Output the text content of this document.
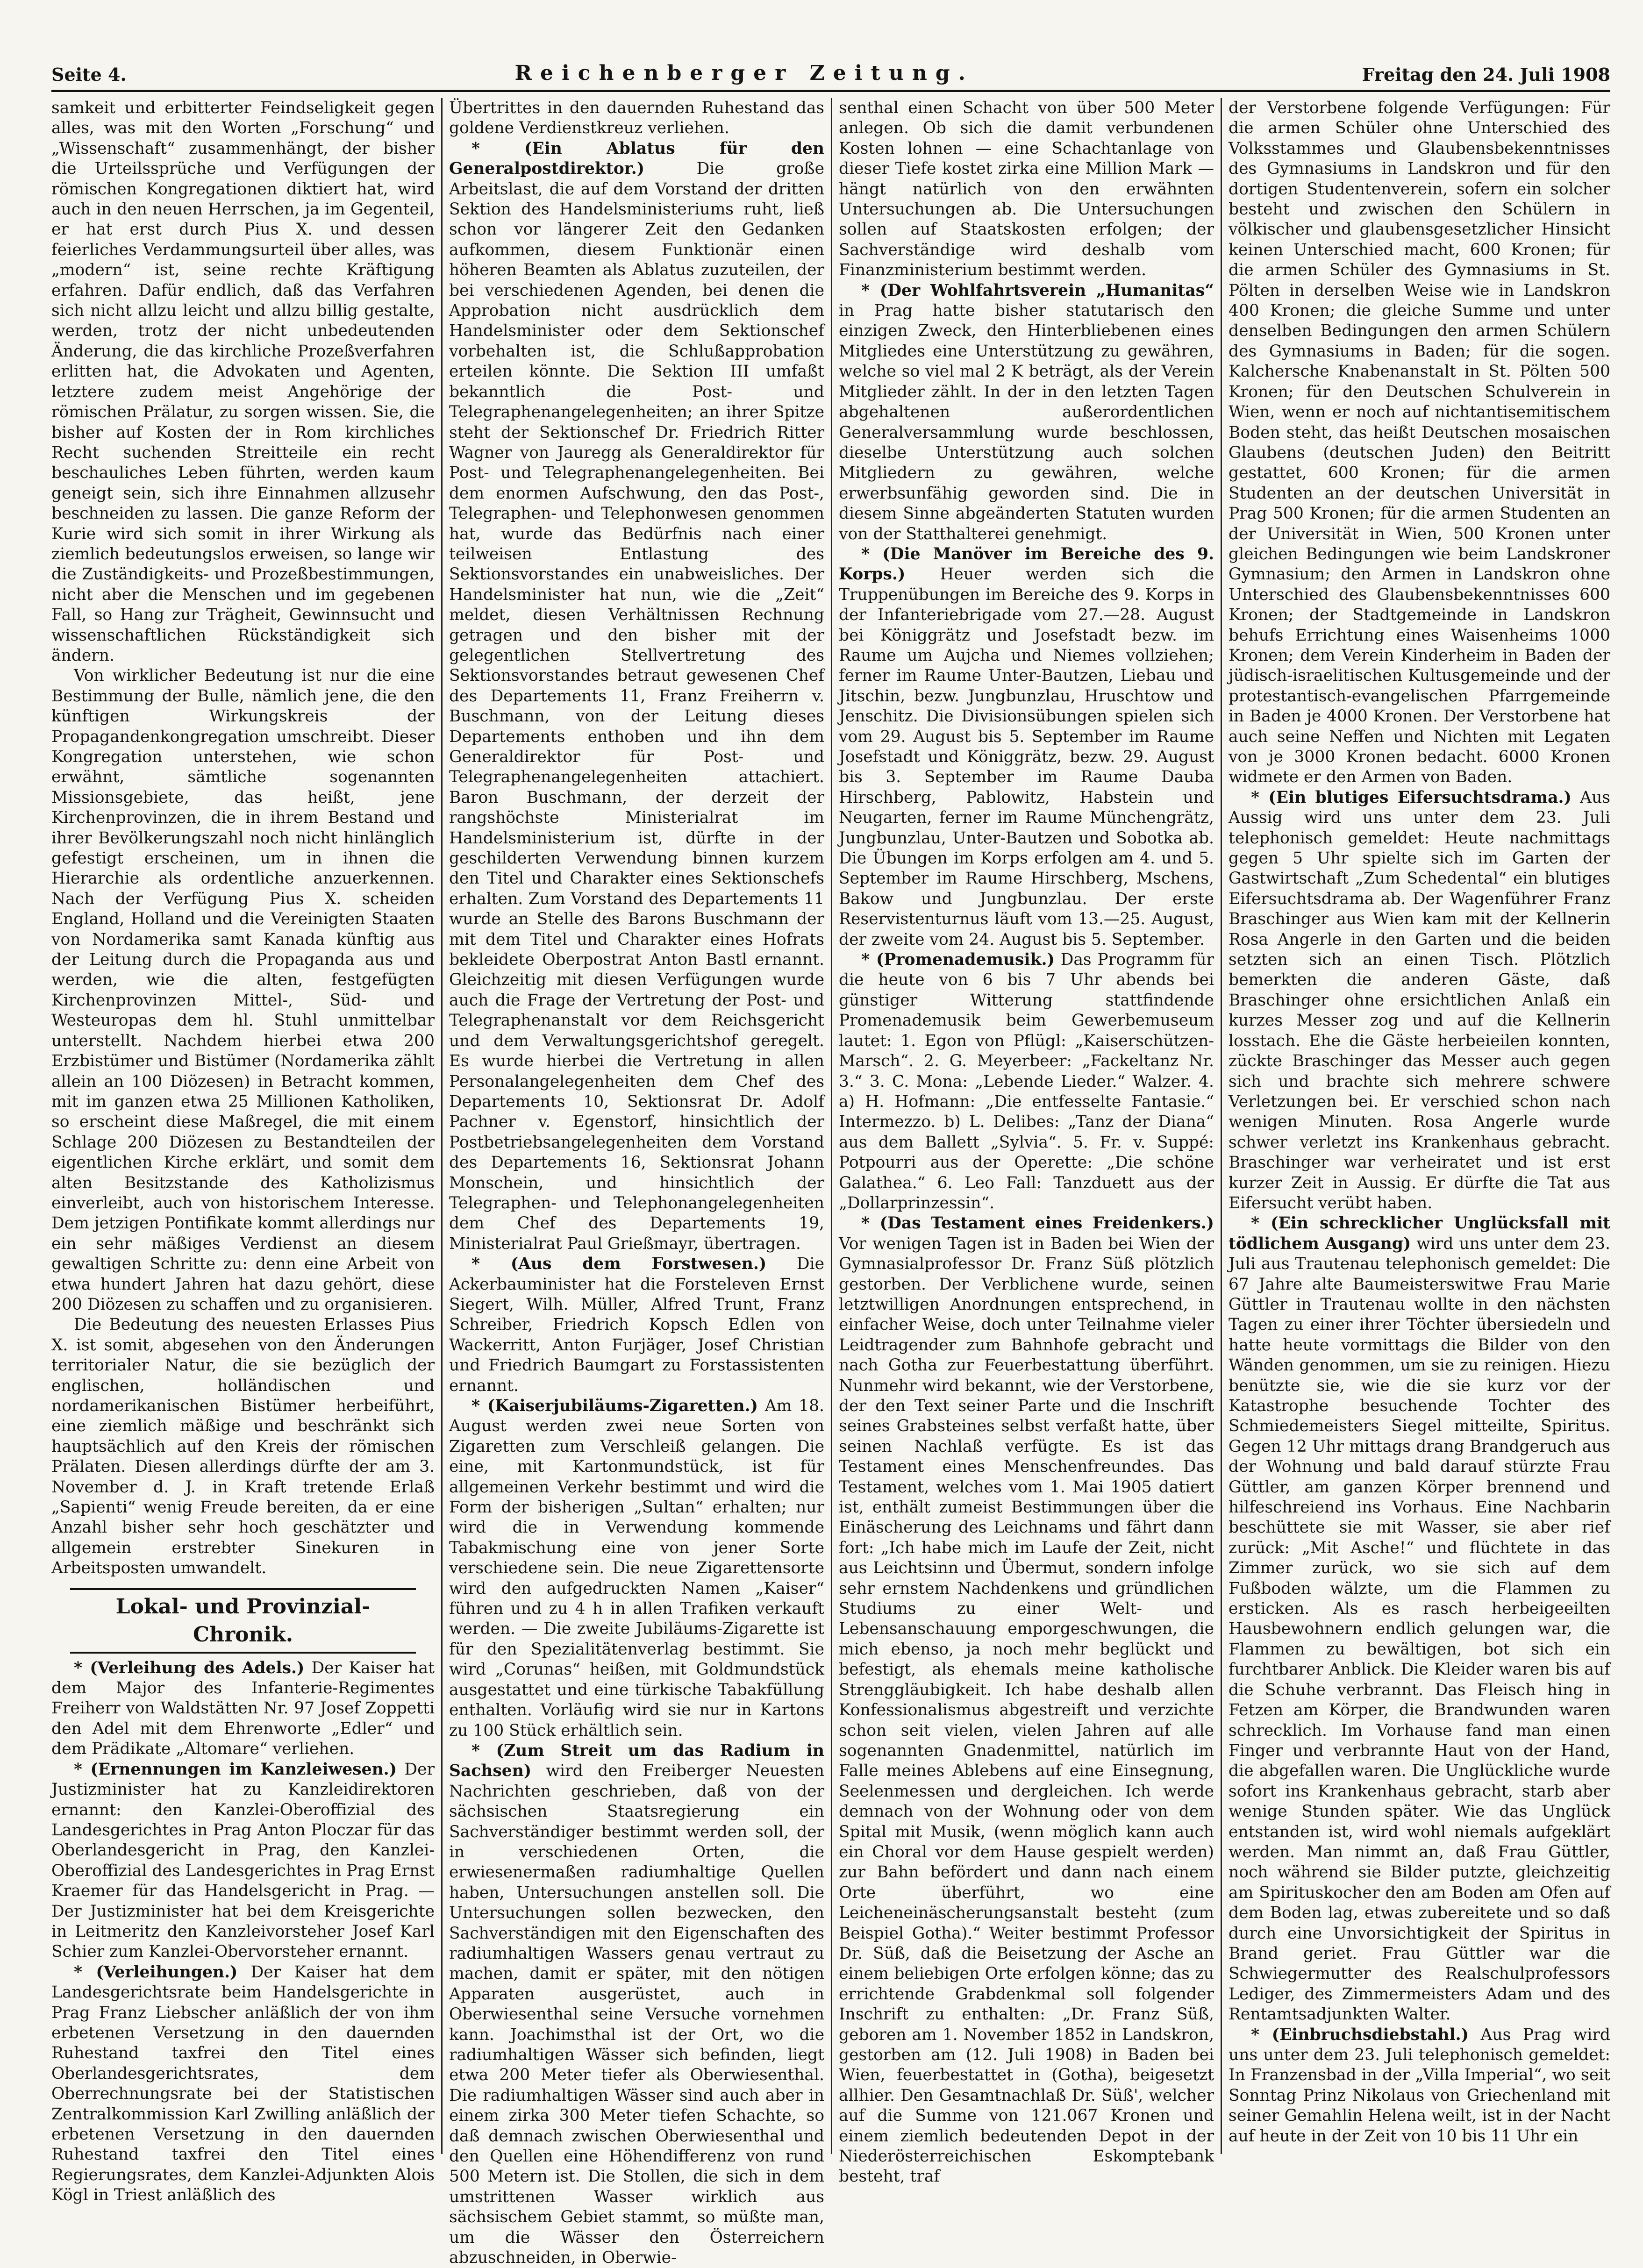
Seite 4.	Reichenberger Zeitung.	Freitag den 24. Juli 1908

samkeit und erbitterter Feindseligkeit gegen alles, was mit den Worten „Forschung“ und „Wissenschaft“ zusammenhängt, der bisher die Urteilssprüche und Verfügungen der römischen Kongregationen diktiert hat, wird auch in den neuen Herrschen, ja im Gegenteil, er hat erst durch Pius X. und dessen feierliches Verdammungsurteil über alles, was „modern“ ist, seine rechte Kräftigung erfahren. Dafür endlich, daß das Verfahren sich nicht allzu leicht und allzu billig gestalte, werden, trotz der nicht unbedeutenden Änderung, die das kirchliche Prozeßverfahren erlitten hat, die Advokaten und Agenten, letztere zudem meist Angehörige der römischen Prälatur, zu sorgen wissen. Sie, die bisher auf Kosten der in Rom kirchliches Recht suchenden Streitteile ein recht beschauliches Leben führten, werden kaum geneigt sein, sich ihre Einnahmen allzusehr beschneiden zu lassen. Die ganze Reform der Kurie wird sich somit in ihrer Wirkung als ziemlich bedeutungslos erweisen, so lange wir die Zuständigkeits- und Prozeßbestimmungen, nicht aber die Menschen und im gegebenen Fall, so Hang zur Trägheit, Gewinnsucht und wissenschaftlichen Rückständigkeit sich ändern.

Von wirklicher Bedeutung ist nur die eine Bestimmung der Bulle, nämlich jene, die den künftigen Wirkungskreis der Propagandenkongregation umschreibt. Dieser Kongregation unterstehen, wie schon erwähnt, sämtliche sogenannten Missionsgebiete, das heißt, jene Kirchenprovinzen, die in ihrem Bestand und ihrer Bevölkerungszahl noch nicht hinlänglich gefestigt erscheinen, um in ihnen die Hierarchie als ordentliche anzuerkennen. Nach der Verfügung Pius X. scheiden England, Holland und die Vereinigten Staaten von Nordamerika samt Kanada künftig aus der Leitung durch die Propaganda aus und werden, wie die alten, festgefügten Kirchenprovinzen Mittel-, Süd- und Westeuropas dem hl. Stuhl unmittelbar unterstellt. Nachdem hierbei etwa 200 Erzbistümer und Bistümer (Nordamerika zählt allein an 100 Diözesen) in Betracht kommen, mit im ganzen etwa 25 Millionen Katholiken, so erscheint diese Maßregel, die mit einem Schlage 200 Diözesen zu Bestandteilen der eigentlichen Kirche erklärt, und somit dem alten Besitzstande des Katholizismus einverleibt, auch von historischem Interesse. Dem jetzigen Pontifikate kommt allerdings nur ein sehr mäßiges Verdienst an diesem gewaltigen Schritte zu: denn eine Arbeit von etwa hundert Jahren hat dazu gehört, diese 200 Diözesen zu schaffen und zu organisieren.

Die Bedeutung des neuesten Erlasses Pius X. ist somit, abgesehen von den Änderungen territorialer Natur, die sie bezüglich der englischen, holländischen und nordamerikanischen Bistümer herbeiführt, eine ziemlich mäßige und beschränkt sich hauptsächlich auf den Kreis der römischen Prälaten. Diesen allerdings dürfte der am 3. November d. J. in Kraft tretende Erlaß „Sapienti“ wenig Freude bereiten, da er eine Anzahl bisher sehr hoch geschätzter und allgemein erstrebter Sinekuren in Arbeitsposten umwandelt.

Lokal- und Provinzial-Chronik.

* (Verleihung des Adels.) Der Kaiser hat dem Major des Infanterie-Regimentes Freiherr von Waldstätten Nr. 97 Josef Zoppetti den Adel mit dem Ehrenworte „Edler“ und dem Prädikate „Altomare“ verliehen.

* (Ernennungen im Kanzleiwesen.) Der Justizminister hat zu Kanzleidirektoren ernannt: den Kanzlei-Oberoffizial des Landesgerichtes in Prag Anton Ploczar für das Oberlandesgericht in Prag, den Kanzlei-Oberoffizial des Landesgerichtes in Prag Ernst Kraemer für das Handelsgericht in Prag. — Der Justizminister hat bei dem Kreisgerichte in Leitmeritz den Kanzleivorsteher Josef Karl Schier zum Kanzlei-Obervorsteher ernannt.

* (Verleihungen.) Der Kaiser hat dem Landesgerichtsrate beim Handelsgerichte in Prag Franz Liebscher anläßlich der von ihm erbetenen Versetzung in den dauernden Ruhestand taxfrei den Titel eines Oberlandesgerichtsrates, dem Oberrechnungsrate bei der Statistischen Zentralkommission Karl Zwilling anläßlich der erbetenen Versetzung in den dauernden Ruhestand taxfrei den Titel eines Regierungsrates, dem Kanzlei-Adjunkten Alois Kögl in Triest anläßlich des

Übertrittes in den dauernden Ruhestand das goldene Verdienstkreuz verliehen.

* (Ein Ablatus für den Generalpostdirektor.) Die große Arbeitslast, die auf dem Vorstand der dritten Sektion des Handelsministeriums ruht, ließ schon vor längerer Zeit den Gedanken aufkommen, diesem Funktionär einen höheren Beamten als Ablatus zuzuteilen, der bei verschiedenen Agenden, bei denen die Approbation nicht ausdrücklich dem Handelsminister oder dem Sektionschef vorbehalten ist, die Schlußapprobation erteilen könnte. Die Sektion III umfaßt bekanntlich die Post- und Telegraphenangelegenheiten; an ihrer Spitze steht der Sektionschef Dr. Friedrich Ritter Wagner von Jauregg als Generaldirektor für Post- und Telegraphenangelegenheiten. Bei dem enormen Aufschwung, den das Post-, Telegraphen- und Telephonwesen genommen hat, wurde das Bedürfnis nach einer teilweisen Entlastung des Sektionsvorstandes ein unabweisliches. Der Handelsminister hat nun, wie die „Zeit“ meldet, diesen Verhältnissen Rechnung getragen und den bisher mit der gelegentlichen Stellvertretung des Sektionsvorstandes betraut gewesenen Chef des Departements 11, Franz Freiherrn v. Buschmann, von der Leitung dieses Departements enthoben und ihn dem Generaldirektor für Post- und Telegraphenangelegenheiten attachiert. Baron Buschmann, der derzeit der rangshöchste Ministerialrat im Handelsministerium ist, dürfte in der geschilderten Verwendung binnen kurzem den Titel und Charakter eines Sektionschefs erhalten. Zum Vorstand des Departements 11 wurde an Stelle des Barons Buschmann der mit dem Titel und Charakter eines Hofrats bekleidete Oberpostrat Anton Bastl ernannt. Gleichzeitig mit diesen Verfügungen wurde auch die Frage der Vertretung der Post- und Telegraphenanstalt vor dem Reichsgericht und dem Verwaltungsgerichtshof geregelt. Es wurde hierbei die Vertretung in allen Personalangelegenheiten dem Chef des Departements 10, Sektionsrat Dr. Adolf Pachner v. Egenstorf, hinsichtlich der Postbetriebsangelegenheiten dem Vorstand des Departements 16, Sektionsrat Johann Monschein, und hinsichtlich der Telegraphen- und Telephonangelegenheiten dem Chef des Departements 19, Ministerialrat Paul Grießmayr, übertragen.

* (Aus dem Forstwesen.) Die Ackerbauminister hat die Forsteleven Ernst Siegert, Wilh. Müller, Alfred Trunt, Franz Schreiber, Friedrich Kopsch Edlen von Wackerritt, Anton Furjäger, Josef Christian und Friedrich Baumgart zu Forstassistenten ernannt.

* (Kaiserjubiläums-Zigaretten.) Am 18. August werden zwei neue Sorten von Zigaretten zum Verschleiß gelangen. Die eine, mit Kartonmundstück, ist für allgemeinen Verkehr bestimmt und wird die Form der bisherigen „Sultan“ erhalten; nur wird die in Verwendung kommende Tabakmischung eine von jener Sorte verschiedene sein. Die neue Zigarettensorte wird den aufgedruckten Namen „Kaiser“ führen und zu 4 h in allen Trafiken verkauft werden. — Die zweite Jubiläums-Zigarette ist für den Spezialitätenverlag bestimmt. Sie wird „Corunas“ heißen, mit Goldmundstück ausgestattet und eine türkische Tabakfüllung enthalten. Vorläufig wird sie nur in Kartons zu 100 Stück erhältlich sein.

* (Zum Streit um das Radium in Sachsen) wird den Freiberger Neuesten Nachrichten geschrieben, daß von der sächsischen Staatsregierung ein Sachverständiger bestimmt werden soll, der in verschiedenen Orten, die erwiesenermaßen radiumhaltige Quellen haben, Untersuchungen anstellen soll. Die Untersuchungen sollen bezwecken, den Sachverständigen mit den Eigenschaften des radiumhaltigen Wassers genau vertraut zu machen, damit er später, mit den nötigen Apparaten ausgerüstet, auch in Oberwiesenthal seine Versuche vornehmen kann. Joachimsthal ist der Ort, wo die radiumhaltigen Wässer sich befinden, liegt etwa 200 Meter tiefer als Oberwiesenthal. Die radiumhaltigen Wässer sind auch aber in einem zirka 300 Meter tiefen Schachte, so daß demnach zwischen Oberwiesenthal und den Quellen eine Höhendifferenz von rund 500 Metern ist. Die Stollen, die sich in dem umstrittenen Wasser wirklich aus sächsischem Gebiet stammt, so müßte man, um die Wässer den Österreichern abzuschneiden, in Oberwie-

senthal einen Schacht von über 500 Meter anlegen. Ob sich die damit verbundenen Kosten lohnen — eine Schachtanlage von dieser Tiefe kostet zirka eine Million Mark — hängt natürlich von den erwähnten Untersuchungen ab. Die Untersuchungen sollen auf Staatskosten erfolgen; der Sachverständige wird deshalb vom Finanzministerium bestimmt werden.

* (Der Wohlfahrtsverein „Humanitas“ in Prag hatte bisher statutarisch den einzigen Zweck, den Hinterbliebenen eines Mitgliedes eine Unterstützung zu gewähren, welche so viel mal 2 K beträgt, als der Verein Mitglieder zählt. In der in den letzten Tagen abgehaltenen außerordentlichen Generalversammlung wurde beschlossen, dieselbe Unterstützung auch solchen Mitgliedern zu gewähren, welche erwerbsunfähig geworden sind. Die in diesem Sinne abgeänderten Statuten wurden von der Statthalterei genehmigt.

* (Die Manöver im Bereiche des 9. Korps.) Heuer werden sich die Truppenübungen im Bereiche des 9. Korps in der Infanteriebrigade vom 27.—28. August bei Königgrätz und Josefstadt bezw. im Raume um Aujcha und Niemes vollziehen; ferner im Raume Unter-Bautzen, Liebau und Jitschin, bezw. Jungbunzlau, Hruschtow und Jenschitz. Die Divisionsübungen spielen sich vom 29. August bis 5. September im Raume Josefstadt und Königgrätz, bezw. 29. August bis 3. September im Raume Dauba Hirschberg, Pablowitz, Habstein und Neugarten, ferner im Raume Münchengrätz, Jungbunzlau, Unter-Bautzen und Sobotka ab. Die Übungen im Korps erfolgen am 4. und 5. September im Raume Hirschberg, Mschens, Bakow und Jungbunzlau. Der erste Reservistenturnus läuft vom 13.—25. August, der zweite vom 24. August bis 5. September.

* (Promenademusik.) Das Programm für die heute von 6 bis 7 Uhr abends bei günstiger Witterung stattfindende Promenademusik beim Gewerbemuseum lautet: 1. Egon von Pflügl: „Kaiserschützen-Marsch“. 2. G. Meyerbeer: „Fackeltanz Nr. 3.“ 3. C. Mona: „Lebende Lieder.“ Walzer. 4. a) H. Hofmann: „Die entfesselte Fantasie.“ Intermezzo. b) L. Delibes: „Tanz der Diana“ aus dem Ballett „Sylvia“. 5. Fr. v. Suppé: Potpourri aus der Operette: „Die schöne Galathea.“ 6. Leo Fall: Tanzduett aus der „Dollarprinzessin“.

* (Das Testament eines Freidenkers.) Vor wenigen Tagen ist in Baden bei Wien der Gymnasialprofessor Dr. Franz Süß plötzlich gestorben. Der Verblichene wurde, seinen letztwilligen Anordnungen entsprechend, in einfacher Weise, doch unter Teilnahme vieler Leidtragender zum Bahnhofe gebracht und nach Gotha zur Feuerbestattung überführt. Nunmehr wird bekannt, wie der Verstorbene, der den Text seiner Parte und die Inschrift seines Grabsteines selbst verfaßt hatte, über seinen Nachlaß verfügte. Es ist das Testament eines Menschenfreundes. Das Testament, welches vom 1. Mai 1905 datiert ist, enthält zumeist Bestimmungen über die Einäscherung des Leichnams und fährt dann fort: „Ich habe mich im Laufe der Zeit, nicht aus Leichtsinn und Übermut, sondern infolge sehr ernstem Nachdenkens und gründlichen Studiums zu einer Welt- und Lebensanschauung emporgeschwungen, die mich ebenso, ja noch mehr beglückt und befestigt, als ehemals meine katholische Strenggläubigkeit. Ich habe deshalb allen Konfessionalismus abgestreift und verzichte schon seit vielen, vielen Jahren auf alle sogenannten Gnadenmittel, natürlich im Falle meines Ablebens auf eine Einsegnung, Seelenmessen und dergleichen. Ich werde demnach von der Wohnung oder von dem Spital mit Musik, (wenn möglich kann auch ein Choral vor dem Hause gespielt werden) zur Bahn befördert und dann nach einem Orte überführt, wo eine Leicheneinäscherungsanstalt besteht (zum Beispiel Gotha).“ Weiter bestimmt Professor Dr. Süß, daß die Beisetzung der Asche an einem beliebigen Orte erfolgen könne; das zu errichtende Grabdenkmal soll folgender Inschrift zu enthalten: „Dr. Franz Süß, geboren am 1. November 1852 in Landskron, gestorben am (12. Juli 1908) in Baden bei Wien, feuerbestattet in (Gotha), beigesetzt allhier. Den Gesamtnachlaß Dr. Süß', welcher auf die Summe von 121.067 Kronen und einem ziemlich bedeutenden Depot in der Niederösterreichischen Eskomptebank besteht, traf

der Verstorbene folgende Verfügungen: Für die armen Schüler ohne Unterschied des Volksstammes und Glaubensbekenntnisses des Gymnasiums in Landskron und für den dortigen Studentenverein, sofern ein solcher besteht und zwischen den Schülern in völkischer und glaubensgesetzlicher Hinsicht keinen Unterschied macht, 600 Kronen; für die armen Schüler des Gymnasiums in St. Pölten in derselben Weise wie in Landskron 400 Kronen; die gleiche Summe und unter denselben Bedingungen den armen Schülern des Gymnasiums in Baden; für die sogen. Kalchersche Knabenanstalt in St. Pölten 500 Kronen; für den Deutschen Schulverein in Wien, wenn er noch auf nichtantisemitischem Boden steht, das heißt Deutschen mosaischen Glaubens (deutschen Juden) den Beitritt gestattet, 600 Kronen; für die armen Studenten an der deutschen Universität in Prag 500 Kronen; für die armen Studenten an der Universität in Wien, 500 Kronen unter gleichen Bedingungen wie beim Landskroner Gymnasium; den Armen in Landskron ohne Unterschied des Glaubensbekenntnisses 600 Kronen; der Stadtgemeinde in Landskron behufs Errichtung eines Waisenheims 1000 Kronen; dem Verein Kinderheim in Baden der jüdisch-israelitischen Kultusgemeinde und der protestantisch-evangelischen Pfarrgemeinde in Baden je 4000 Kronen. Der Verstorbene hat auch seine Neffen und Nichten mit Legaten von je 3000 Kronen bedacht. 6000 Kronen widmete er den Armen von Baden.

* (Ein blutiges Eifersuchtsdrama.) Aus Aussig wird uns unter dem 23. Juli telephonisch gemeldet: Heute nachmittags gegen 5 Uhr spielte sich im Garten der Gastwirtschaft „Zum Schedental“ ein blutiges Eifersuchtsdrama ab. Der Wagenführer Franz Braschinger aus Wien kam mit der Kellnerin Rosa Angerle in den Garten und die beiden setzten sich an einen Tisch. Plötzlich bemerkten die anderen Gäste, daß Braschinger ohne ersichtlichen Anlaß ein kurzes Messer zog und auf die Kellnerin losstach. Ehe die Gäste herbeieilen konnten, zückte Braschinger das Messer auch gegen sich und brachte sich mehrere schwere Verletzungen bei. Er verschied schon nach wenigen Minuten. Rosa Angerle wurde schwer verletzt ins Krankenhaus gebracht. Braschinger war verheiratet und ist erst kurzer Zeit in Aussig. Er dürfte die Tat aus Eifersucht verübt haben.

* (Ein schrecklicher Unglücksfall mit tödlichem Ausgang) wird uns unter dem 23. Juli aus Trautenau telephonisch gemeldet: Die 67 Jahre alte Baumeisterswitwe Frau Marie Güttler in Trautenau wollte in den nächsten Tagen zu einer ihrer Töchter übersiedeln und hatte heute vormittags die Bilder von den Wänden genommen, um sie zu reinigen. Hiezu benützte sie, wie die sie kurz vor der Katastrophe besuchende Tochter des Schmiedemeisters Siegel mitteilte, Spiritus. Gegen 12 Uhr mittags drang Brandgeruch aus der Wohnung und bald darauf stürzte Frau Güttler, am ganzen Körper brennend und hilfeschreiend ins Vorhaus. Eine Nachbarin beschüttete sie mit Wasser, sie aber rief zurück: „Mit Asche!“ und flüchtete in das Zimmer zurück, wo sie sich auf dem Fußboden wälzte, um die Flammen zu ersticken. Als es rasch herbeigeeilten Hausbewohnern endlich gelungen war, die Flammen zu bewältigen, bot sich ein furchtbarer Anblick. Die Kleider waren bis auf die Schuhe verbrannt. Das Fleisch hing in Fetzen am Körper, die Brandwunden waren schrecklich. Im Vorhause fand man einen Finger und verbrannte Haut von der Hand, die abgefallen waren. Die Unglückliche wurde sofort ins Krankenhaus gebracht, starb aber wenige Stunden später. Wie das Unglück entstanden ist, wird wohl niemals aufgeklärt werden. Man nimmt an, daß Frau Güttler, noch während sie Bilder putzte, gleichzeitig am Spirituskocher den am Boden am Ofen auf dem Boden lag, etwas zubereitete und so daß durch eine Unvorsichtigkeit der Spiritus in Brand geriet. Frau Güttler war die Schwiegermutter des Realschulprofessors Lediger, des Zimmermeisters Adam und des Rentamtsadjunkten Walter.

* (Einbruchsdiebstahl.) Aus Prag wird uns unter dem 23. Juli telephonisch gemeldet: In Franzensbad in der „Villa Imperial“, wo seit Sonntag Prinz Nikolaus von Griechenland mit seiner Gemahlin Helena weilt, ist in der Nacht auf heute in der Zeit von 10 bis 11 Uhr ein
